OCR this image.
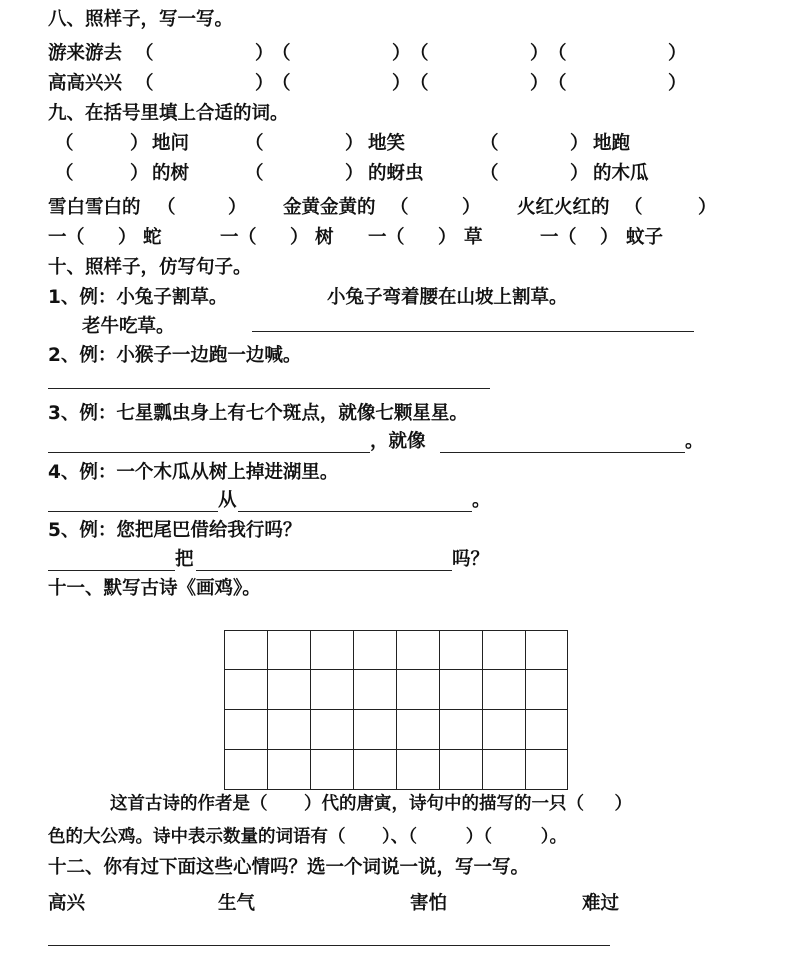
八、照样子，写一写。
游来游去 （	）
（	） （	） （	）
高高兴兴 （	）
（	） （	） （	）
九、在括号里填上合适的词。
（	） 地问	（	） 地笑	（	） 地跑
（	） 的树	（	） 的蚜虫	（	） 的木瓜
雪白雪白的 （	） 金黄金黄的 （	） 火红火红的 （	）
一 （ ） 蛇	一 （ ） 树 一 （ ） 草	一 （ ） 蚊子
十、照样子，仿写句子。
1、例：小兔子割草。	小兔子弯着腰在山坡上割草。
老牛吃草。
2、例：小猴子一边跑一边喊。
3、例：七星瓢虫身上有七个斑点，就像七颗星星。
，就像	。
4、例：一个木瓜从树上掉进湖里。
从	。
5、例：您把尾巴借给我行吗？
把	吗？
十一、默写古诗《画鸡》。
这首古诗的作者是（      ）代的唐寅，诗句中的描写的一只（     ）
色的大公鸡。诗中表示数量的词语有（      ）、（        ）（        ）。
十二、你有过下面这些心情吗？选一个词说一说，写一写。
高兴	生气	害怕	难过
